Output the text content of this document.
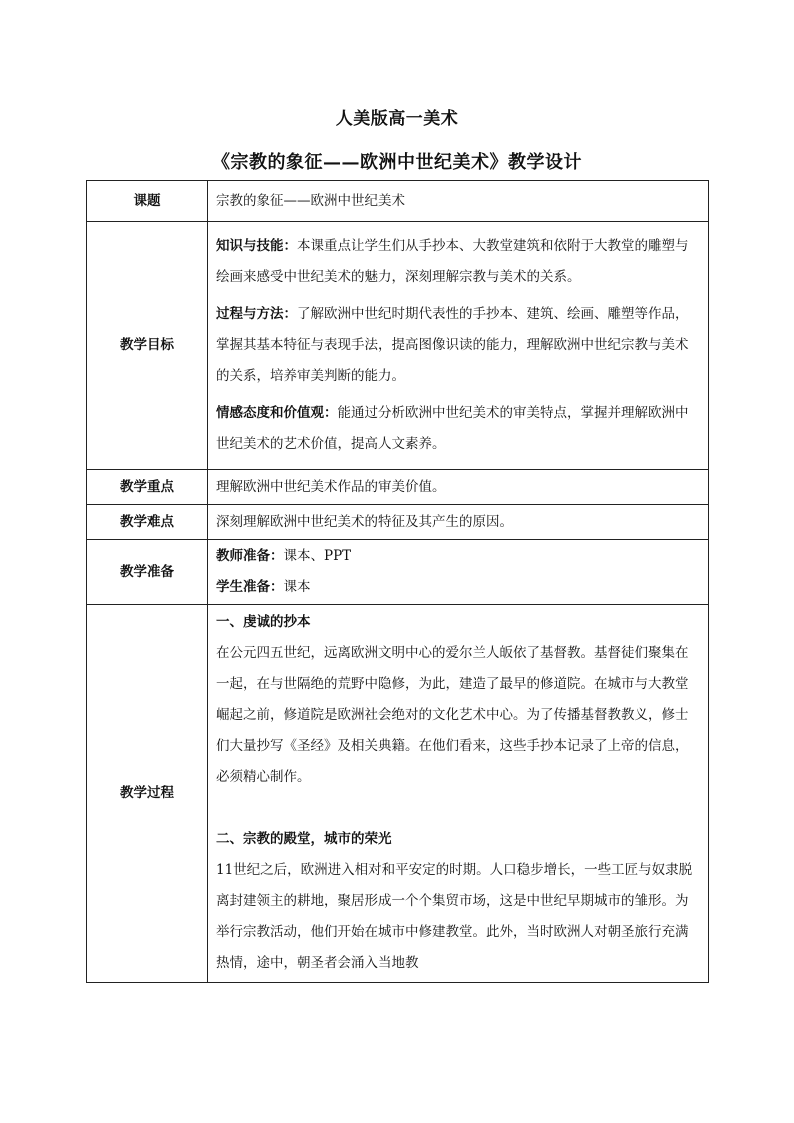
人美版高一美术
《宗教的象征——欧洲中世纪美术》教学设计
课题	宗教的象征——欧洲中世纪美术
教学目标	知识与技能：本课重点让学生们从手抄本、大教堂建筑和依附于大教堂的雕塑与绘画来感受中世纪美术的魅力，深刻理解宗教与美术的关系。

过程与方法：了解欧洲中世纪时期代表性的手抄本、建筑、绘画、雕塑等作品，掌握其基本特征与表现手法，提高图像识读的能力，理解欧洲中世纪宗教与美术的关系，培养审美判断的能力。

情感态度和价值观：能通过分析欧洲中世纪美术的审美特点，掌握并理解欧洲中世纪美术的艺术价值，提高人文素养。

教学重点	理解欧洲中世纪美术作品的审美价值。
教学难点	深刻理解欧洲中世纪美术的特征及其产生的原因。
教学准备	教师准备：课本、PPT
学生准备：课本

教学过程	一、虔诚的抄本

在公元四五世纪，远离欧洲文明中心的爱尔兰人皈依了基督教。基督徒们聚集在一起，在与世隔绝的荒野中隐修，为此，建造了最早的修道院。在城市与大教堂崛起之前，修道院是欧洲社会绝对的文化艺术中心。为了传播基督教教义，修士们大量抄写《圣经》及相关典籍。在他们看来，这些手抄本记录了上帝的信息，必须精心制作。

二、宗教的殿堂，城市的荣光

11世纪之后，欧洲进入相对和平安定的时期。人口稳步增长，一些工匠与奴隶脱离封建领主的耕地，聚居形成一个个集贸市场，这是中世纪早期城市的雏形。为举行宗教活动，他们开始在城市中修建教堂。此外，当时欧洲人对朝圣旅行充满热情，途中，朝圣者会涌入当地教
